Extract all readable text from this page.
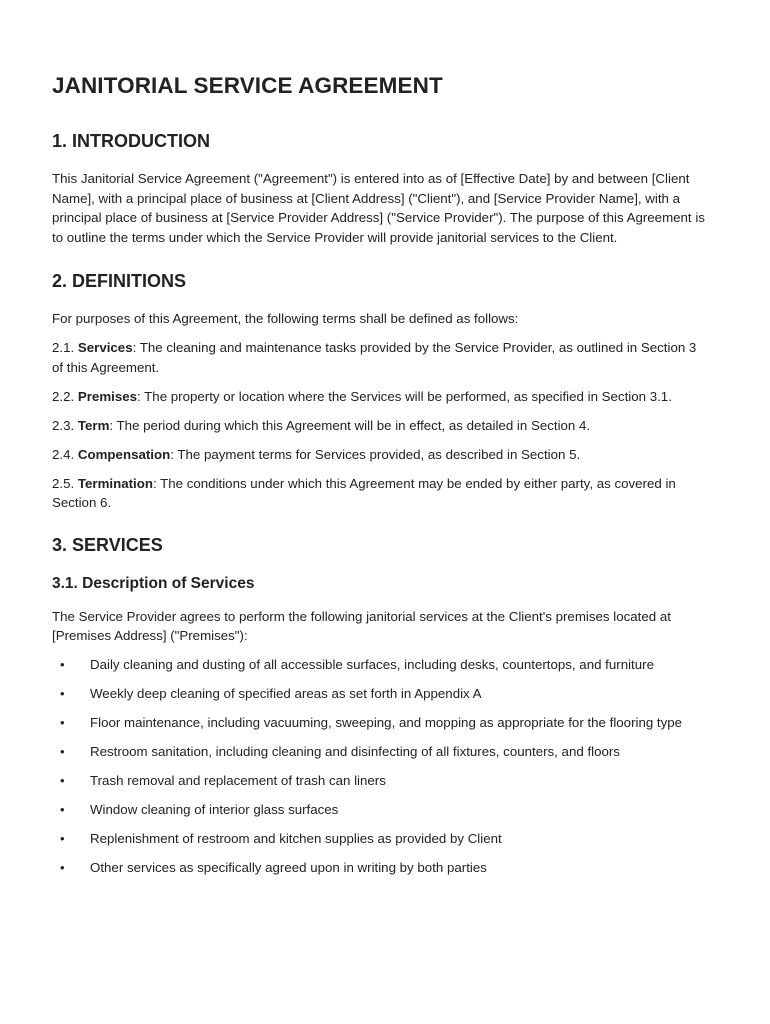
JANITORIAL SERVICE AGREEMENT
1. INTRODUCTION

This Janitorial Service Agreement ("Agreement") is entered into as of [Effective Date] by and between [Client Name], with a principal place of business at [Client Address] ("Client"), and [Service Provider Name], with a principal place of business at [Service Provider Address] ("Service Provider"). The purpose of this Agreement is to outline the terms under which the Service Provider will provide janitorial services to the Client.

2. DEFINITIONS

For purposes of this Agreement, the following terms shall be defined as follows:

2.1. Services: The cleaning and maintenance tasks provided by the Service Provider, as outlined in Section 3 of this Agreement.

2.2. Premises: The property or location where the Services will be performed, as specified in Section 3.1.

2.3. Term: The period during which this Agreement will be in effect, as detailed in Section 4.

2.4. Compensation: The payment terms for Services provided, as described in Section 5.

2.5. Termination: The conditions under which this Agreement may be ended by either party, as covered in Section 6.

3. SERVICES
3.1. Description of Services

The Service Provider agrees to perform the following janitorial services at the Client's premises located at [Premises Address] ("Premises"):

• Daily cleaning and dusting of all accessible surfaces, including desks, countertops, and furniture
• Weekly deep cleaning of specified areas as set forth in Appendix A
• Floor maintenance, including vacuuming, sweeping, and mopping as appropriate for the flooring type
• Restroom sanitation, including cleaning and disinfecting of all fixtures, counters, and floors
• Trash removal and replacement of trash can liners
• Window cleaning of interior glass surfaces
• Replenishment of restroom and kitchen supplies as provided by Client
• Other services as specifically agreed upon in writing by both parties
